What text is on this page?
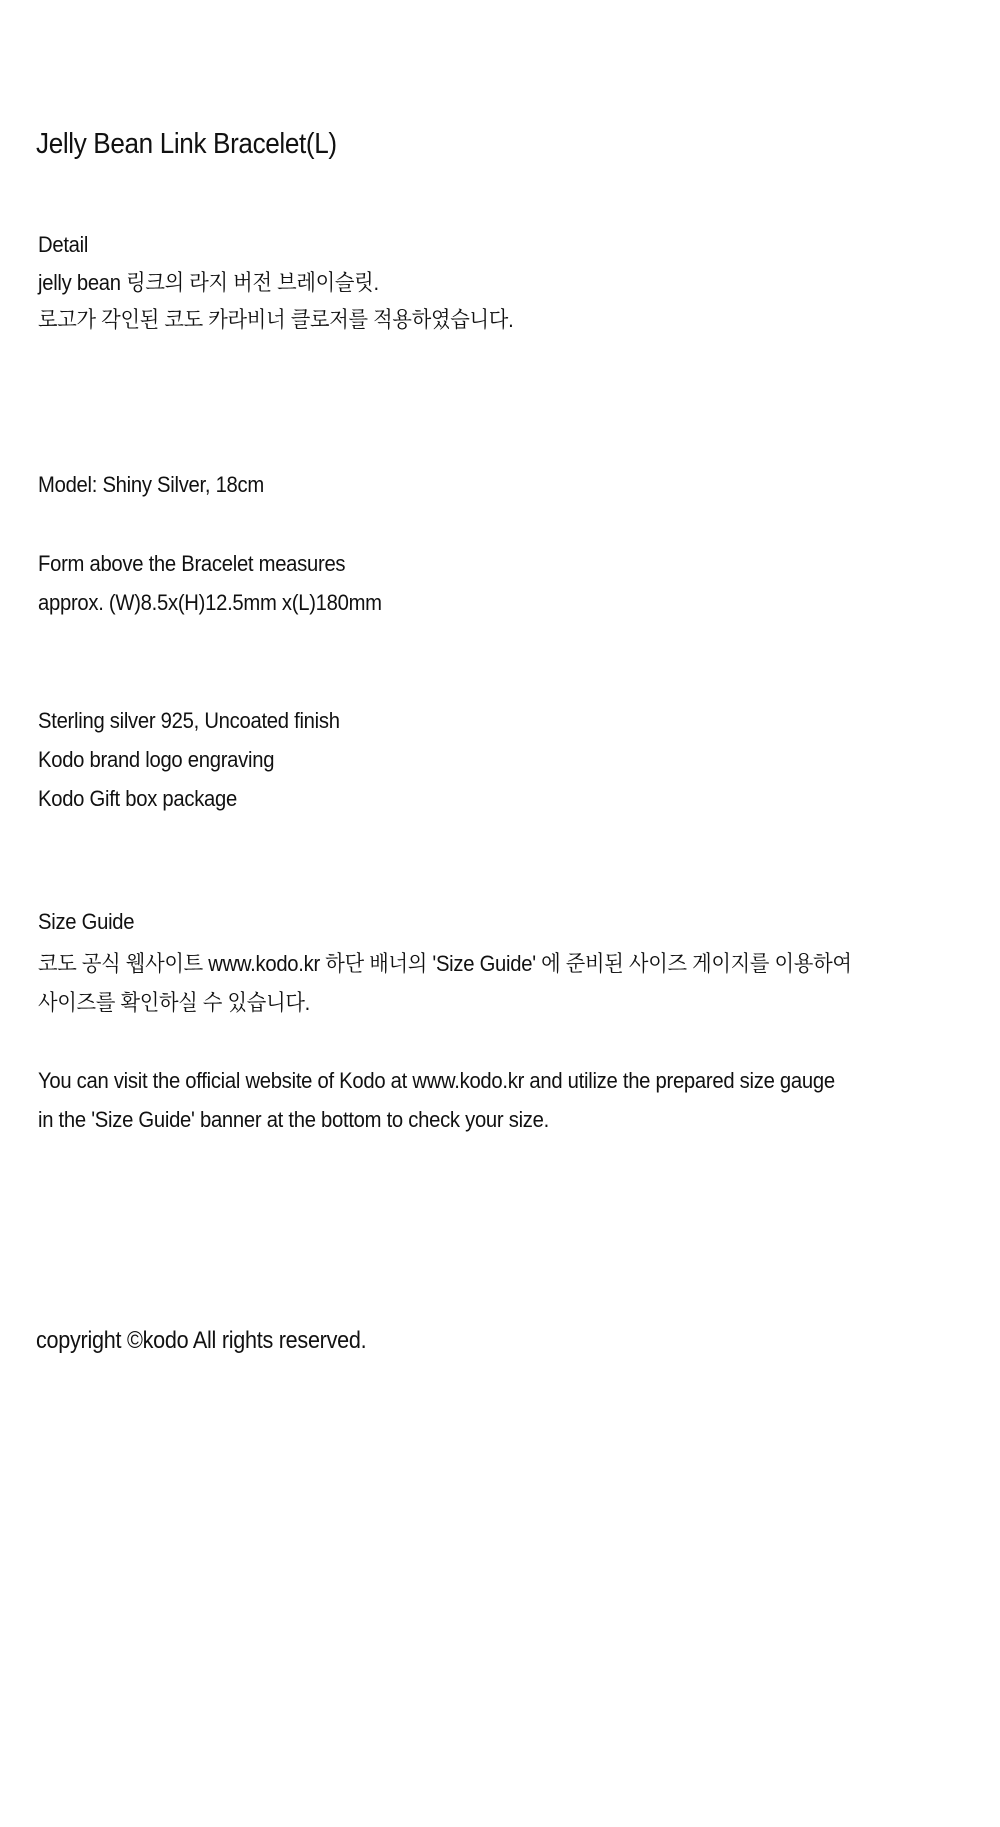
Jelly Bean Link Bracelet(L)
Detail
jelly bean 링크의 라지 버전 브레이슬릿.
로고가 각인된 코도 카라비너 클로저를 적용하였습니다.
Model: Shiny Silver, 18cm
Form above the Bracelet measures
approx. (W)8.5x(H)12.5mm x(L)180mm
Sterling silver 925, Uncoated finish
Kodo brand logo engraving
Kodo Gift box package
Size Guide
코도 공식 웹사이트 www.kodo.kr 하단 배너의 'Size Guide' 에 준비된 사이즈 게이지를 이용하여
사이즈를 확인하실 수 있습니다.
You can visit the official website of Kodo at www.kodo.kr and utilize the prepared size gauge
in the 'Size Guide' banner at the bottom to check your size.
copyright ©kodo All rights reserved.
